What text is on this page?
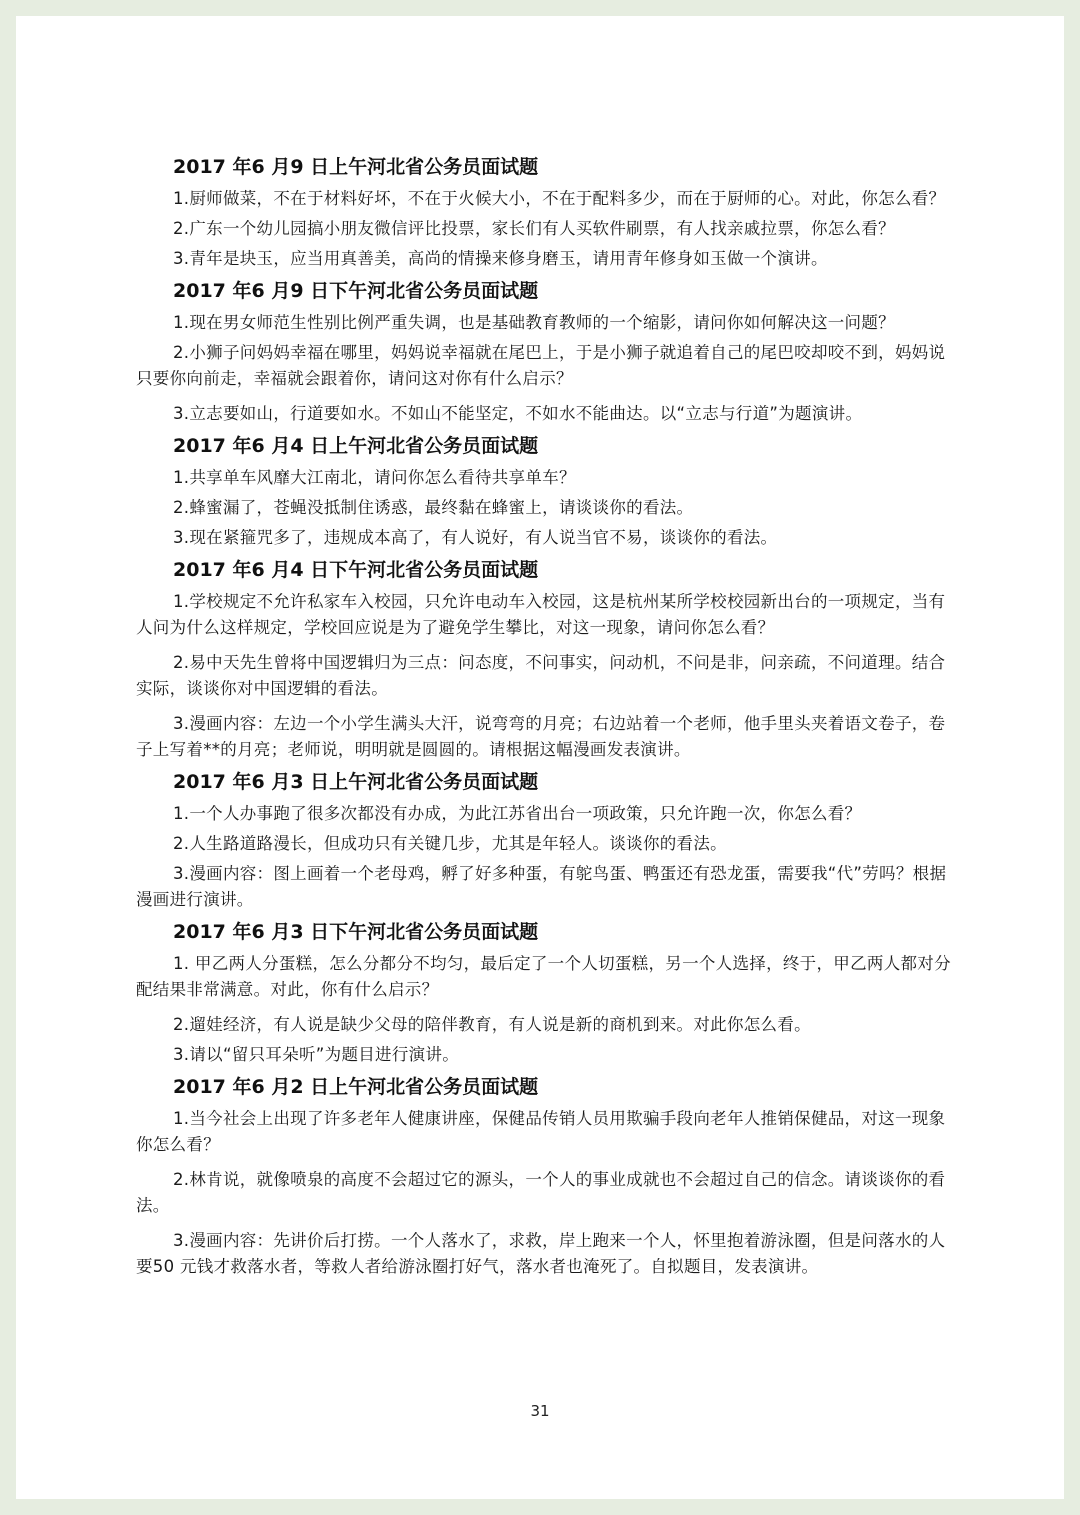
2017 年6 月9 日上午河北省公务员面试题

1.厨师做菜，不在于材料好坏，不在于火候大小，不在于配料多少，而在于厨师的心。对此，你怎么看？

2.广东一个幼儿园搞小朋友微信评比投票，家长们有人买软件刷票，有人找亲戚拉票，你怎么看？

3.青年是块玉，应当用真善美，高尚的情操来修身磨玉，请用青年修身如玉做一个演讲。

2017 年6 月9 日下午河北省公务员面试题

1.现在男女师范生性别比例严重失调，也是基础教育教师的一个缩影，请问你如何解决这一问题？

2.小狮子问妈妈幸福在哪里，妈妈说幸福就在尾巴上，于是小狮子就追着自己的尾巴咬却咬不到，妈妈说只要你向前走，幸福就会跟着你，请问这对你有什么启示？

3.立志要如山，行道要如水。不如山不能坚定，不如水不能曲达。以“立志与行道”为题演讲。

2017 年6 月4 日上午河北省公务员面试题

1.共享单车风靡大江南北，请问你怎么看待共享单车？

2.蜂蜜漏了，苍蝇没抵制住诱惑，最终黏在蜂蜜上，请谈谈你的看法。

3.现在紧箍咒多了，违规成本高了，有人说好，有人说当官不易，谈谈你的看法。

2017 年6 月4 日下午河北省公务员面试题

1.学校规定不允许私家车入校园，只允许电动车入校园，这是杭州某所学校校园新出台的一项规定，当有人问为什么这样规定，学校回应说是为了避免学生攀比，对这一现象，请问你怎么看？

2.易中天先生曾将中国逻辑归为三点：问态度，不问事实，问动机，不问是非，问亲疏，不问道理。结合实际，谈谈你对中国逻辑的看法。

3.漫画内容：左边一个小学生满头大汗，说弯弯的月亮；右边站着一个老师，他手里头夹着语文卷子，卷子上写着**的月亮；老师说，明明就是圆圆的。请根据这幅漫画发表演讲。

2017 年6 月3 日上午河北省公务员面试题

1.一个人办事跑了很多次都没有办成，为此江苏省出台一项政策，只允许跑一次，你怎么看？

2.人生路道路漫长，但成功只有关键几步，尤其是年轻人。谈谈你的看法。

3.漫画内容：图上画着一个老母鸡，孵了好多种蛋，有鸵鸟蛋、鸭蛋还有恐龙蛋，需要我“代”劳吗？根据漫画进行演讲。

2017 年6 月3 日下午河北省公务员面试题

1. 甲乙两人分蛋糕，怎么分都分不均匀，最后定了一个人切蛋糕，另一个人选择，终于，甲乙两人都对分配结果非常满意。对此，你有什么启示？

2.遛娃经济，有人说是缺少父母的陪伴教育，有人说是新的商机到来。对此你怎么看。

3.请以“留只耳朵听”为题目进行演讲。

2017 年6 月2 日上午河北省公务员面试题

1.当今社会上出现了许多老年人健康讲座，保健品传销人员用欺骗手段向老年人推销保健品，对这一现象你怎么看？

2.林肯说，就像喷泉的高度不会超过它的源头，一个人的事业成就也不会超过自己的信念。请谈谈你的看法。

3.漫画内容：先讲价后打捞。一个人落水了，求救，岸上跑来一个人，怀里抱着游泳圈，但是问落水的人要50 元钱才救落水者，等救人者给游泳圈打好气，落水者也淹死了。自拟题目，发表演讲。

31
